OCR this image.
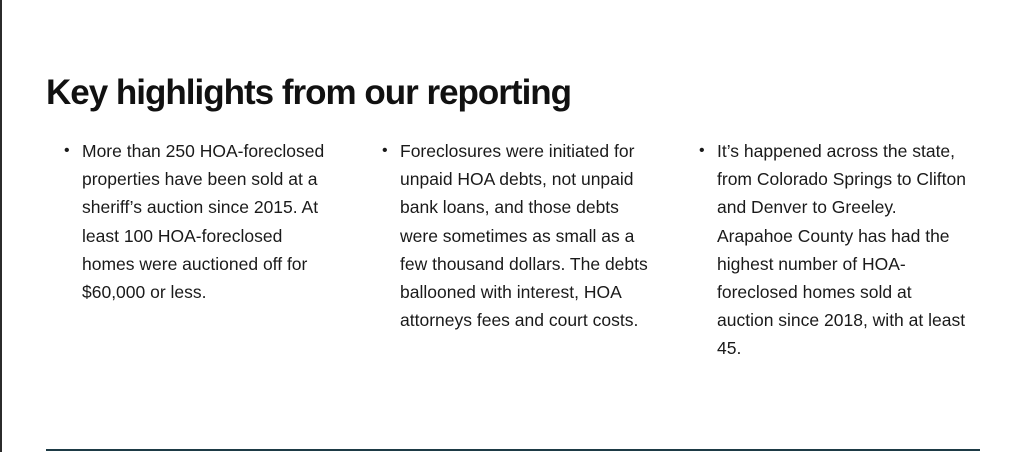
Key highlights from our reporting
• More than 250 HOA-foreclosed properties have been sold at a sheriff’s auction since 2015. At least 100 HOA-foreclosed homes were auctioned off for $60,000 or less.
• Foreclosures were initiated for unpaid HOA debts, not unpaid bank loans, and those debts were sometimes as small as a few thousand dollars. The debts ballooned with interest, HOA attorneys fees and court costs.
• It’s happened across the state, from Colorado Springs to Clifton and Denver to Greeley. Arapahoe County has had the highest number of HOA-foreclosed homes sold at auction since 2018, with at least 45.
